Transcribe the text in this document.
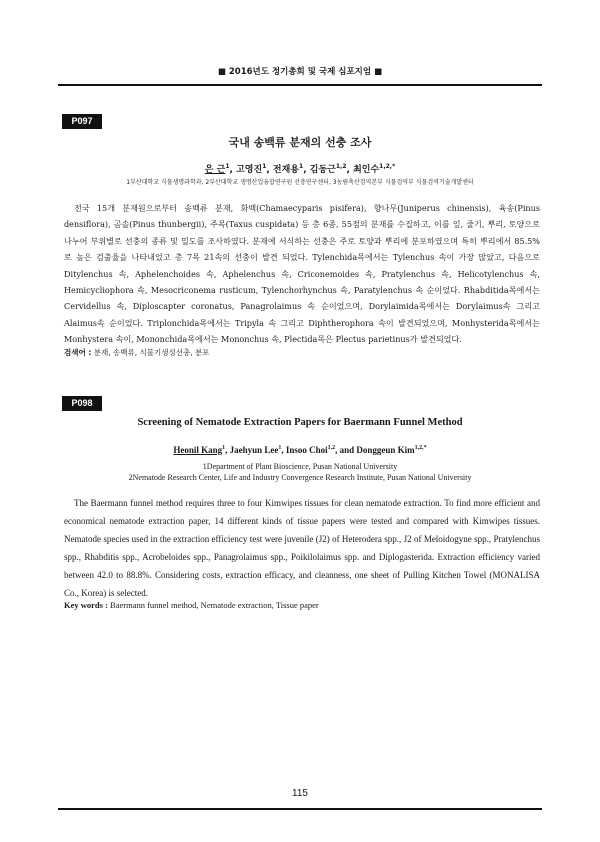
■ 2016년도 정기총회 및 국제 심포지엄 ■
P097
국내 송백류 분재의 선충 조사
은 근$^1$, 고영진$^1$, 전재용$^1$, 김동근$^{1,2}$, 최인수$^{1,2,*}$
1부산대학교 식물생명과학과, 2부산대학교 생명산업융합연구원 선충연구센터, 3농림축산검역본부 식물검역부 식물검역기술개발센터

전국 15개 분재원으로부터 송백류 분재, 화백(Chamaecyparis pisifera), 향나무(Juniperus chinensis), 육송(Pinus densiflora), 곰솔(Pinus thunbergii), 주목(Taxus cuspidata) 등 총 6종, 55점의 분재를 수집하고, 이를 잎, 줄기, 뿌리, 토양으로 나누어 부위별로 선충의 종류 및 밀도를 조사하였다. 분재에 서식하는 선충은 주로 토양과 뿌리에 분포하였으며 특히 뿌리에서 85.5%로 높은 검출율을 나타내었고 총 7목 21속의 선충이 발견 되었다. Tylenchida목에서는 Tylenchus 속이 가장 많았고, 다음으로 Ditylenchus 속, Aphelenchoides 속, Aphelenchus 속, Criconemoides 속, Pratylenchus 속, Helicotylenchus 속, Hemicycliophora 속, Mesocriconema rusticum, Tylenchorhynchus 속, Paratylenchus 속 순이었다. Rhabditida목에서는 Cervidellus 속, Diploscapter coronatus, Panagrolaimus 속 순이었으며, Dorylaimida목에서는 Dorylaimus속 그리고 Alaimus속 순이었다. Triplonchida목에서는 Tripyla 속 그리고 Diphtherophora 속이 발견되었으며, Monhysterida목에서는 Monhystera 속이, Mononchida목에서는 Mononchus 속, Plectida목은 Plectus parietinus가 발견되었다.

검색어 : 분재, 송백류, 식물기생성선충, 분포
P098
Screening of Nematode Extraction Papers for Baermann Funnel Method
Heonil Kang$^1$, Jaehyun Lee$^1$, Insoo Choi$^{1,2}$, and Donggeun Kim$^{1,2,*}$
1Department of Plant Bioscience, Pusan National University
2Nematode Research Center, Life and Industry Convergence Research Institute, Pusan National University

The Baermann funnel method requires three to four Kimwipes tissues for clean nematode extraction. To find more efficient and economical nematode extraction paper, 14 different kinds of tissue papers were tested and compared with Kimwipes tissues. Nematode species used in the extraction efficiency test were juvenile (J2) of Heterodera spp., J2 of Meloidogyne spp., Pratylenchus spp., Rhabditis spp., Acrobeloides spp., Panagrolaimus spp., Poikilolaimus spp. and Diplogasterida. Extraction efficiency varied between 42.0 to 88.8%. Considering costs, extraction efficacy, and cleanness, one sheet of Pulling Kitchen Towel (MONALISA Co., Korea) is selected.

Key words : Baermann funnel method, Nematode extraction, Tissue paper
115
